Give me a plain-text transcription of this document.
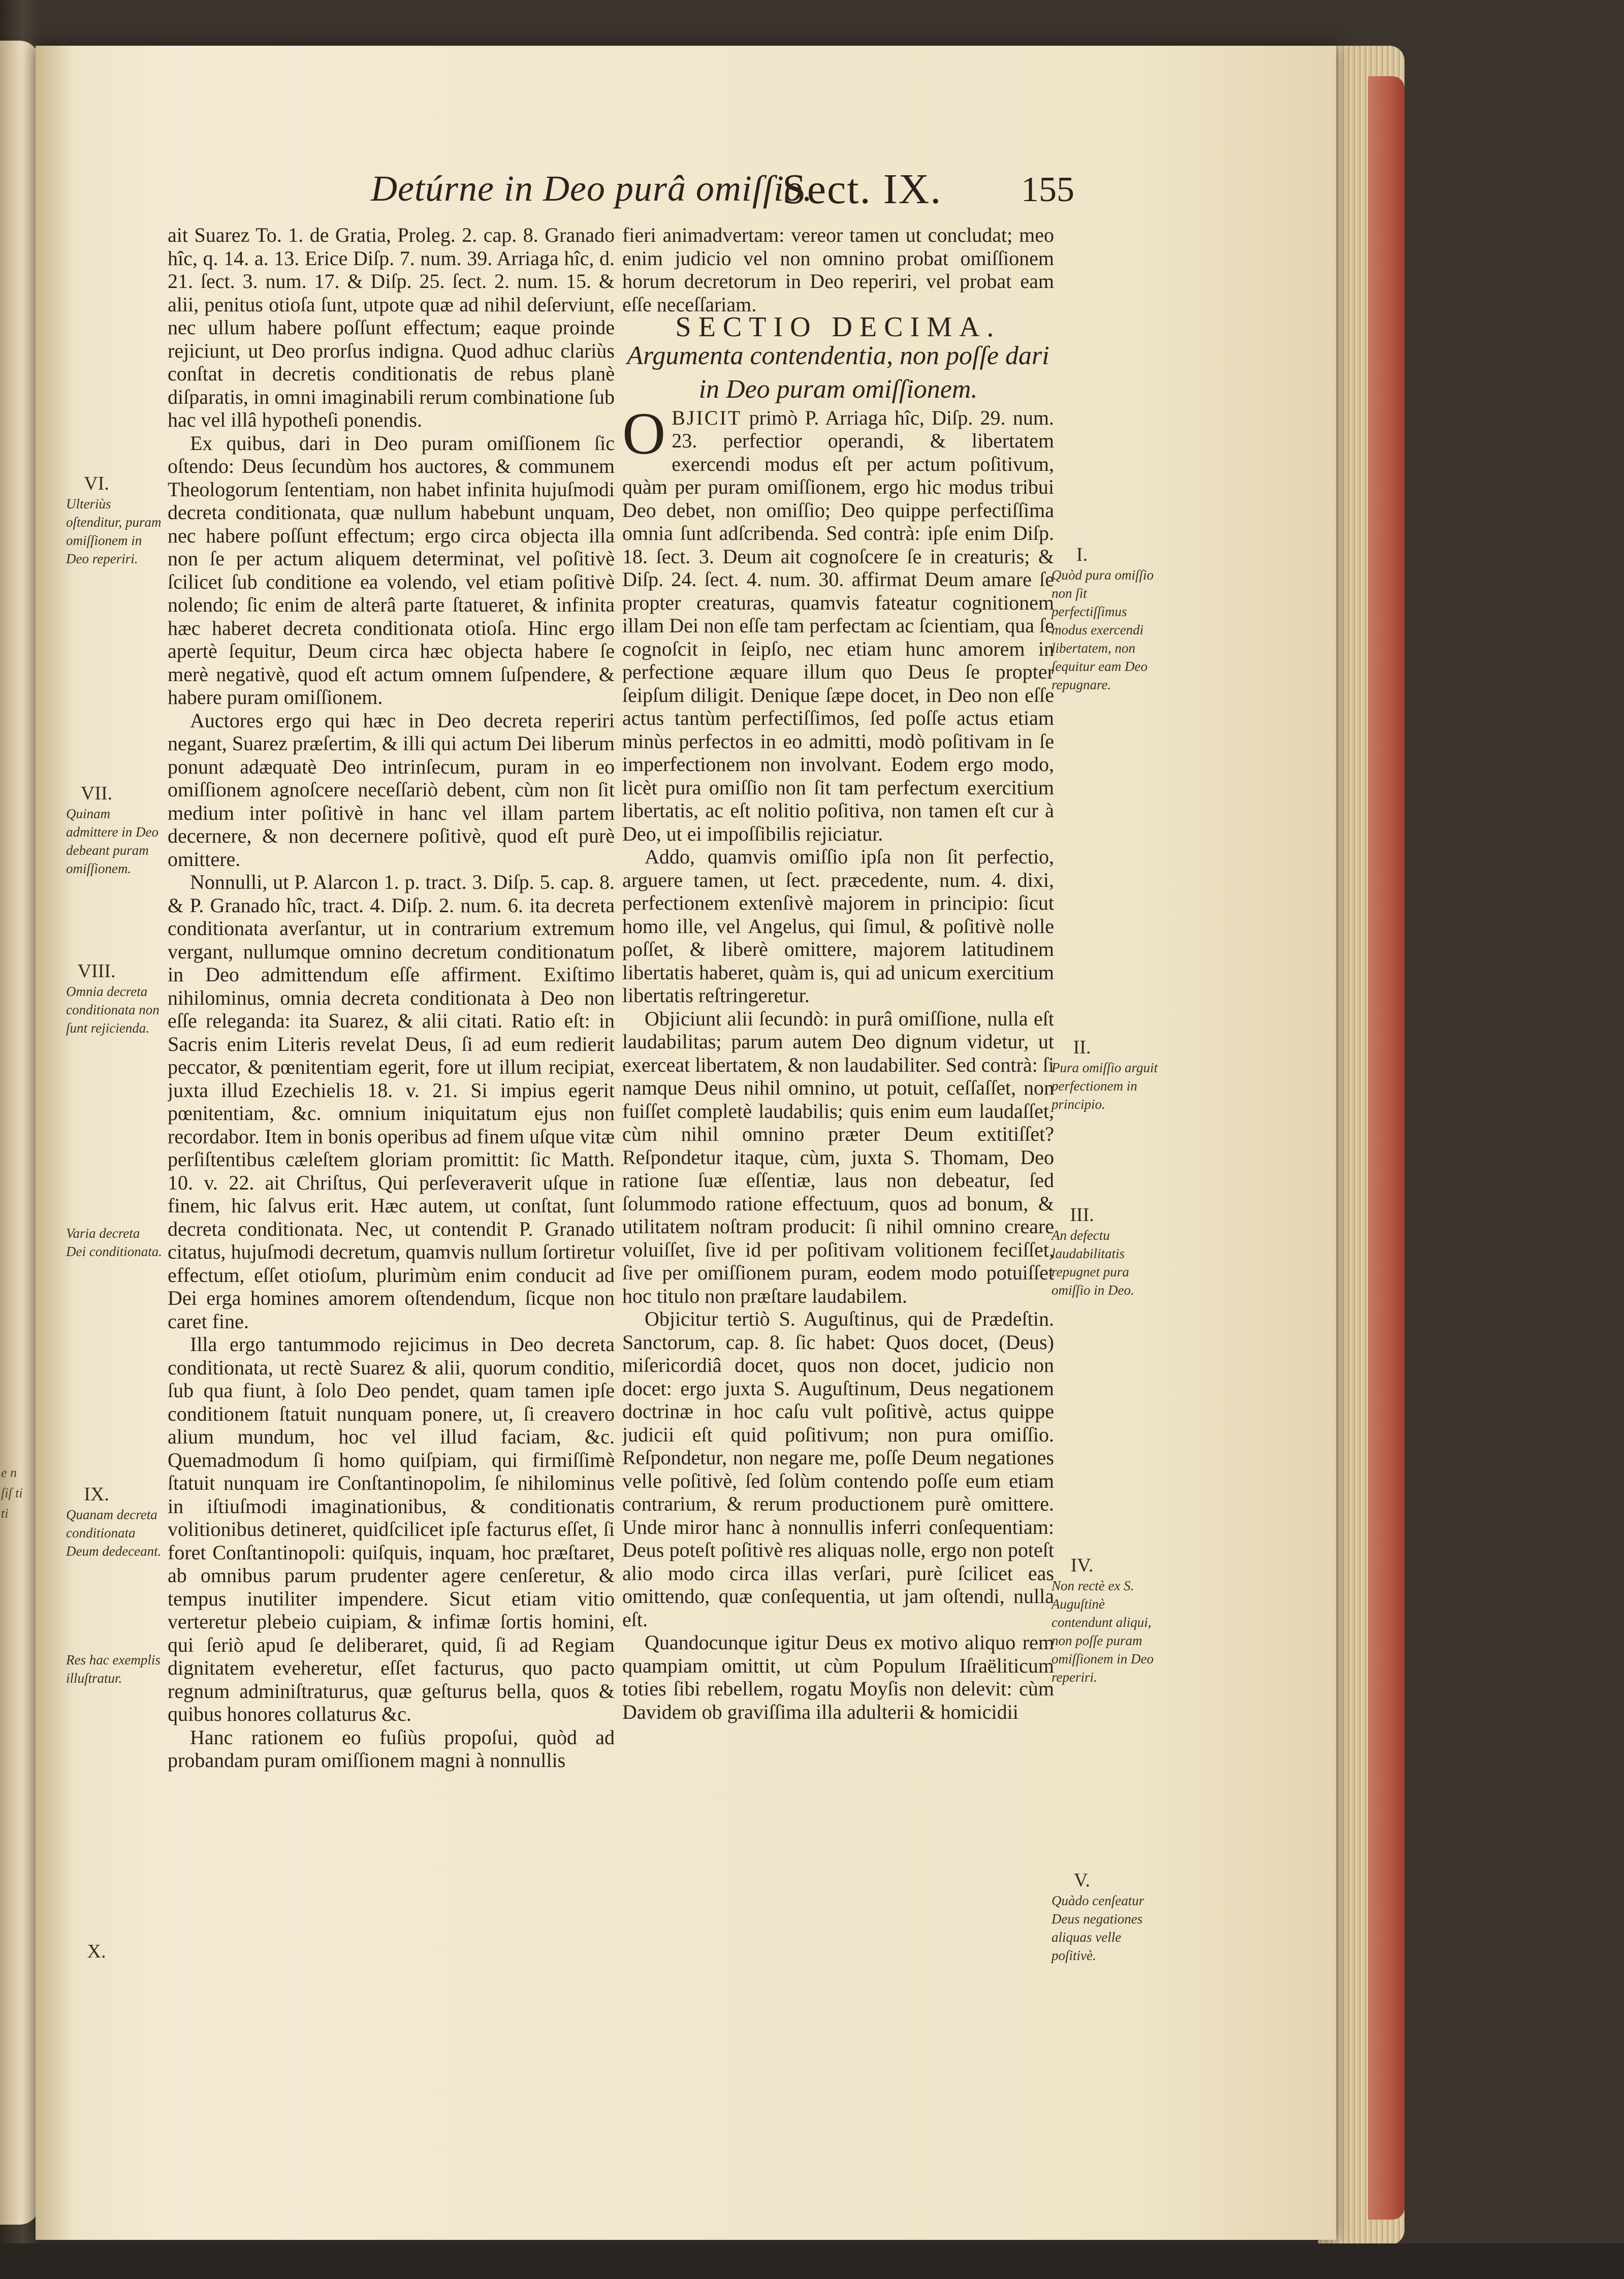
e n ſiſ ti ti
Detúrne in Deo purâ omiſſio.
Sect. IX. 155

ait Suarez To. 1. de Gratia, Proleg. 2. cap. 8. Granado hîc, q. 14. a. 13. Erice Diſp. 7. num. 39. Arriaga hîc, d. 21. ſect. 3. num. 17. & Diſp. 25. ſect. 2. num. 15. & alii, penitus otioſa ſunt, utpote quæ ad nihil deſerviunt, nec ullum habere poſſunt effectum; eaque proinde rejiciunt, ut Deo prorſus indigna. Quod adhuc clariùs conſtat in decretis conditionatis de rebus planè diſparatis, in omni imaginabili rerum combinatione ſub hac vel illâ hypotheſi ponendis.

Ex quibus, dari in Deo puram omiſſionem ſic oſtendo: Deus ſecundùm hos auctores, & communem Theologorum ſententiam, non habet infinita hujuſmodi decreta conditionata, quæ nullum habebunt unquam, nec habere poſſunt effectum; ergo circa objecta illa non ſe per actum aliquem determinat, vel poſitivè ſcilicet ſub conditione ea volendo, vel etiam poſitivè nolendo; ſic enim de alterâ parte ſtatueret, & infinita hæc haberet decreta conditionata otioſa. Hinc ergo apertè ſequitur, Deum circa hæc objecta habere ſe merè negativè, quod eſt actum omnem ſuſpendere, & habere puram omiſſionem.

Auctores ergo qui hæc in Deo decreta reperiri negant, Suarez præſertim, & illi qui actum Dei liberum ponunt adæquatè Deo intrinſecum, puram in eo omiſſionem agnoſcere neceſſariò debent, cùm non ſit medium inter poſitivè in hanc vel illam partem decernere, & non decernere poſitivè, quod eſt purè omittere.

Nonnulli, ut P. Alarcon 1. p. tract. 3. Diſp. 5. cap. 8. & P. Granado hîc, tract. 4. Diſp. 2. num. 6. ita decreta conditionata averſantur, ut in contrarium extremum vergant, nullumque omnino decretum conditionatum in Deo admittendum eſſe affirment. Exiſtimo nihilominus, omnia decreta conditionata à Deo non eſſe releganda: ita Suarez, & alii citati. Ratio eſt: in Sacris enim Literis revelat Deus, ſi ad eum redierit peccator, & pœnitentiam egerit, fore ut illum recipiat, juxta illud Ezechielis 18. v. 21. Si impius egerit pœnitentiam, &c. omnium iniquitatum ejus non recordabor. Item in bonis operibus ad finem uſque vitæ perſiſtentibus cæleſtem gloriam promittit: ſic Matth. 10. v. 22. ait Chriſtus, Qui perſeveraverit uſque in finem, hic ſalvus erit. Hæc autem, ut conſtat, ſunt decreta conditionata. Nec, ut contendit P. Granado citatus, hujuſmodi decretum, quamvis nullum ſortiretur effectum, eſſet otioſum, plurimùm enim conducit ad Dei erga homines amorem oſtendendum, ſicque non caret fine.

Illa ergo tantummodo rejicimus in Deo decreta conditionata, ut rectè Suarez & alii, quorum conditio, ſub qua fiunt, à ſolo Deo pendet, quam tamen ipſe conditionem ſtatuit nunquam ponere, ut, ſi creavero alium mundum, hoc vel illud faciam, &c. Quemadmodum ſi homo quiſpiam, qui firmiſſimè ſtatuit nunquam ire Conſtantinopolim, ſe nihilominus in iſtiuſmodi imaginationibus, & conditionatis volitionibus detineret, quidſcilicet ipſe facturus eſſet, ſi foret Conſtantinopoli: quiſquis, inquam, hoc præſtaret, ab omnibus parum prudenter agere cenſeretur, & tempus inutiliter impendere. Sicut etiam vitio verteretur plebeio cuipiam, & infimæ ſortis homini, qui ſeriò apud ſe deliberaret, quid, ſi ad Regiam dignitatem eveheretur, eſſet facturus, quo pacto regnum adminiſtraturus, quæ geſturus bella, quos & quibus honores collaturus &c.

Hanc rationem eo fuſiùs propoſui, quòd ad probandam puram omiſſionem magni à nonnullis

fieri animadvertam: vereor tamen ut concludat; meo enim judicio vel non omnino probat omiſſionem horum decretorum in Deo reperiri, vel probat eam eſſe neceſſariam.

SECTIO DECIMA.

Argumenta contendentia, non poſſe dari in Deo puram omiſſionem.

OBJICIT primò P. Arriaga hîc, Diſp. 29. num. 23. perfectior operandi, & libertatem exercendi modus eſt per actum poſitivum, quàm per puram omiſſionem, ergo hic modus tribui Deo debet, non omiſſio; Deo quippe perfectiſſima omnia ſunt adſcribenda. Sed contrà: ipſe enim Diſp. 18. ſect. 3. Deum ait cognoſcere ſe in creaturis; & Diſp. 24. ſect. 4. num. 30. affirmat Deum amare ſe propter creaturas, quamvis fateatur cognitionem illam Dei non eſſe tam perfectam ac ſcientiam, qua ſe cognoſcit in ſeipſo, nec etiam hunc amorem in perfectione æquare illum quo Deus ſe propter ſeipſum diligit. Denique ſæpe docet, in Deo non eſſe actus tantùm perfectiſſimos, ſed poſſe actus etiam minùs perfectos in eo admitti, modò poſitivam in ſe imperfectionem non involvant. Eodem ergo modo, licèt pura omiſſio non ſit tam perfectum exercitium libertatis, ac eſt nolitio poſitiva, non tamen eſt cur à Deo, ut ei impoſſibilis rejiciatur.

Addo, quamvis omiſſio ipſa non ſit perfectio, arguere tamen, ut ſect. præcedente, num. 4. dixi, perfectionem extenſivè majorem in principio: ſicut homo ille, vel Angelus, qui ſimul, & poſitivè nolle poſſet, & liberè omittere, majorem latitudinem libertatis haberet, quàm is, qui ad unicum exercitium libertatis reſtringeretur.

Objiciunt alii ſecundò: in purâ omiſſione, nulla eſt laudabilitas; parum autem Deo dignum videtur, ut exerceat libertatem, & non laudabiliter. Sed contrà: ſi namque Deus nihil omnino, ut potuit, ceſſaſſet, non fuiſſet completè laudabilis; quis enim eum laudaſſet, cùm nihil omnino præter Deum extitiſſet? Reſpondetur itaque, cùm, juxta S. Thomam, Deo ratione ſuæ eſſentiæ, laus non debeatur, ſed ſolummodo ratione effectuum, quos ad bonum, & utilitatem noſtram producit: ſi nihil omnino creare voluiſſet, ſive id per poſitivam volitionem feciſſet, ſive per omiſſionem puram, eodem modo potuiſſet hoc titulo non præſtare laudabilem.

Objicitur tertiò S. Auguſtinus, qui de Prædeſtin. Sanctorum, cap. 8. ſic habet: Quos docet, (Deus) miſericordiâ docet, quos non docet, judicio non docet: ergo juxta S. Auguſtinum, Deus negationem doctrinæ in hoc caſu vult poſitivè, actus quippe judicii eſt quid poſitivum; non pura omiſſio. Reſpondetur, non negare me, poſſe Deum negationes velle poſitivè, ſed ſolùm contendo poſſe eum etiam contrarium, & rerum productionem purè omittere. Unde miror hanc à nonnullis inferri conſequentiam: Deus poteſt poſitivè res aliquas nolle, ergo non poteſt alio modo circa illas verſari, purè ſcilicet eas omittendo, quæ conſequentia, ut jam oſtendi, nulla eſt.

Quandocunque igitur Deus ex motivo aliquo rem quampiam omittit, ut cùm Populum Iſraëliticum toties ſibi rebellem, rogatu Moyſis non delevit: cùm Davidem ob graviſſima illa adulterii & homicidii

VI.
Ulteriùs oſtenditur, puram omiſſionem in Deo reperiri.
VII.
Quinam admittere in Deo debeant puram omiſſionem.
VIII.
Omnia decreta conditionata non ſunt rejicienda.
Varia decreta Dei conditionata.
IX.
Quanam decreta conditionata Deum dedeceant.
Res hac exemplis illuſtratur.
X.
I.
Quòd pura omiſſio non ſit perfectiſſimus modus exercendi libertatem, non ſequitur eam Deo repugnare.
II.
Pura omiſſio arguit perfectionem in principio.
III.
An defectu laudabilitatis repugnet pura omiſſio in Deo.
IV.
Non rectè ex S. Auguſtinè contendunt aliqui, non poſſe puram omiſſionem in Deo reperiri.
V.
Quàdo cenſeatur Deus negationes aliquas velle poſitivè.
